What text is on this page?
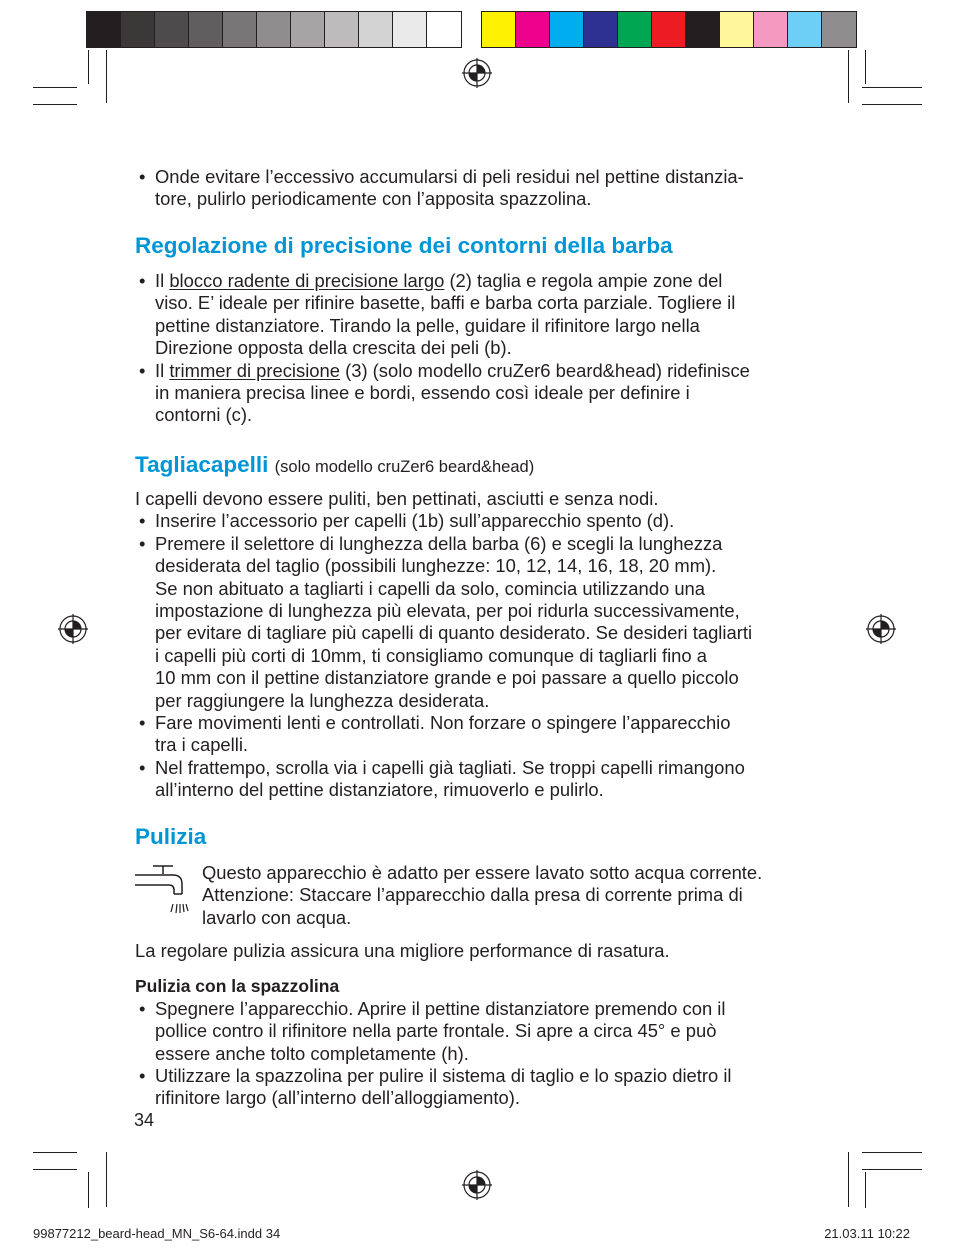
• Onde evitare l’eccessivo accumularsi di peli residui nel pettine distanzia-
tore, pulirlo periodicamente con l’apposita spazzolina.
Regolazione di precisione dei contorni della barba
• Il blocco radente di precisione largo (2) taglia e regola ampie zone del
viso. E’ ideale per rifinire basette, baffi e barba corta parziale. Togliere il
pettine distanziatore. Tirando la pelle, guidare il rifinitore largo nella
Direzione opposta della crescita dei peli (b).
• Il trimmer di precisione (3) (solo modello cruZer6 beard&head) ridefinisce
in maniera precisa linee e bordi, essendo così ideale per definire i
contorni (c).
Tagliacapelli (solo modello cruZer6 beard&head)

I capelli devono essere puliti, ben pettinati, asciutti e senza nodi.

• Inserire l’accessorio per capelli (1b) sull’apparecchio spento (d).
• Premere il selettore di lunghezza della barba (6) e scegli la lunghezza
desiderata del taglio (possibili lunghezze: 10, 12, 14, 16, 18, 20 mm).
Se non abituato a tagliarti i capelli da solo, comincia utilizzando una
impostazione di lunghezza più elevata, per poi ridurla successivamente,
per evitare di tagliare più capelli di quanto desiderato. Se desideri tagliarti
i capelli più corti di 10mm, ti consigliamo comunque di tagliarli fino a
10 mm con il pettine distanziatore grande e poi passare a quello piccolo
per raggiungere la lunghezza desiderata.
• Fare movimenti lenti e controllati. Non forzare o spingere l’apparecchio
tra i capelli.
• Nel frattempo, scrolla via i capelli già tagliati. Se troppi capelli rimangono
all’interno del pettine distanziatore, rimuoverlo e pulirlo.
Pulizia
Questo apparecchio è adatto per essere lavato sotto acqua corrente.
Attenzione: Staccare l’apparecchio dalla presa di corrente prima di
lavarlo con acqua.

La regolare pulizia assicura una migliore performance di rasatura.

Pulizia con la spazzolina

• Spegnere l’apparecchio. Aprire il pettine distanziatore premendo con il
pollice contro il rifinitore nella parte frontale. Si apre a circa 45° e può
essere anche tolto completamente (h).
• Utilizzare la spazzolina per pulire il sistema di taglio e lo spazio dietro il
rifinitore largo (all’interno dell’alloggiamento).
34
99877212_beard-head_MN_S6-64.indd 34	21.03.11 10:22
